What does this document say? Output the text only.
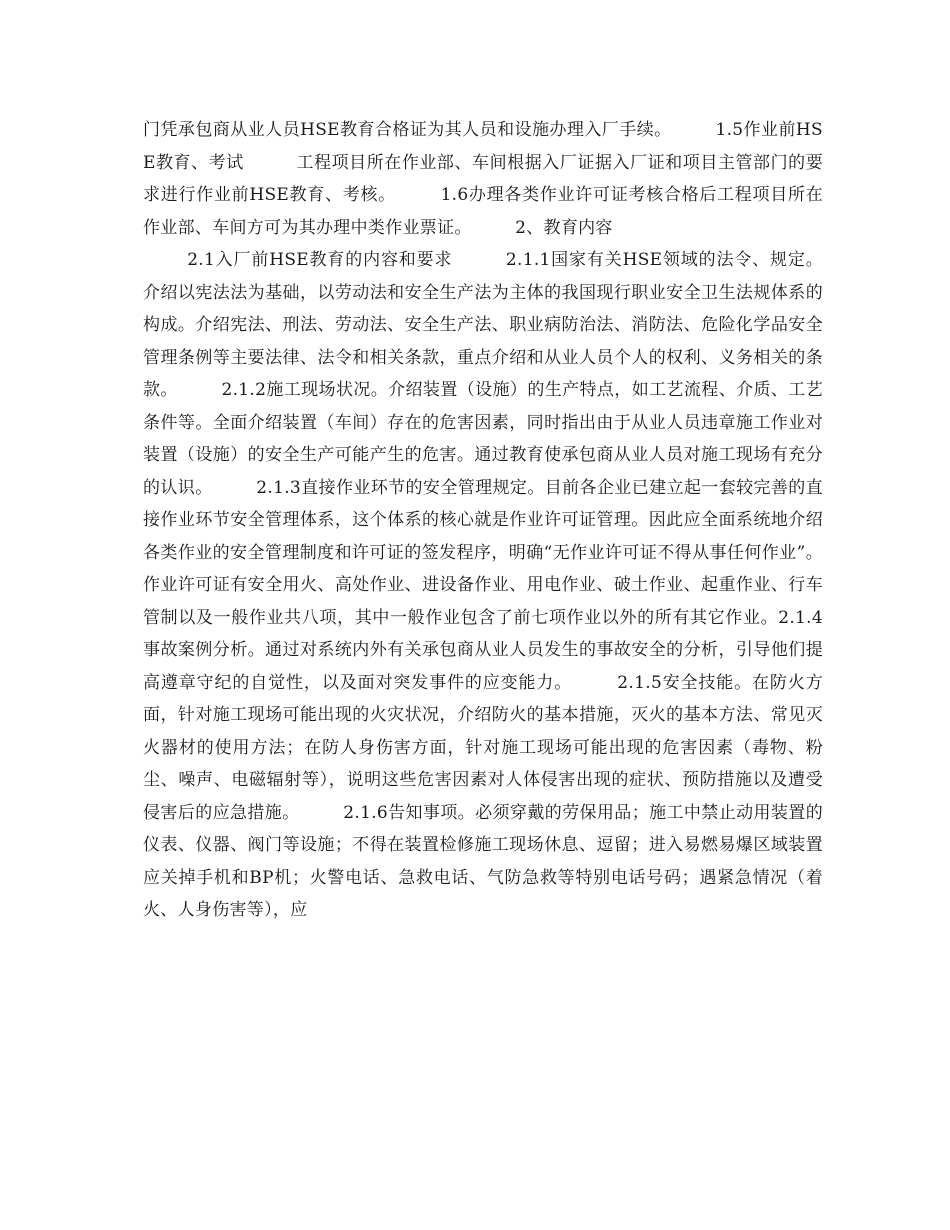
门凭承包商从业人员HSE教育合格证为其人员和设施办理入厂手续。　　　1.5作业前HSE教育、考试　　　工程项目所在作业部、车间根据入厂证据入厂证和项目主管部门的要求进行作业前HSE教育、考核。　　　1.6办理各类作业许可证考核合格后工程项目所在作业部、车间方可为其办理中类作业票证。　　　2、教育内容

2.1入厂前HSE教育的内容和要求　　　2.1.1国家有关HSE领域的法令、规定。介绍以宪法法为基础，以劳动法和安全生产法为主体的我国现行职业安全卫生法规体系的构成。介绍宪法、刑法、劳动法、安全生产法、职业病防治法、消防法、危险化学品安全管理条例等主要法律、法令和相关条款，重点介绍和从业人员个人的权利、义务相关的条款。　　　2.1.2施工现场状况。介绍装置（设施）的生产特点，如工艺流程、介质、工艺条件等。全面介绍装置（车间）存在的危害因素，同时指出由于从业人员违章施工作业对装置（设施）的安全生产可能产生的危害。通过教育使承包商从业人员对施工现场有充分的认识。　　　2.1.3直接作业环节的安全管理规定。目前各企业已建立起一套较完善的直接作业环节安全管理体系，这个体系的核心就是作业许可证管理。因此应全面系统地介绍各类作业的安全管理制度和许可证的签发程序，明确“无作业许可证不得从事任何作业”。作业许可证有安全用火、高处作业、进设备作业、用电作业、破土作业、起重作业、行车管制以及一般作业共八项，其中一般作业包含了前七项作业以外的所有其它作业。2.1.4事故案例分析。通过对系统内外有关承包商从业人员发生的事故安全的分析，引导他们提高遵章守纪的自觉性，以及面对突发事件的应变能力。　　　2.1.5安全技能。在防火方面，针对施工现场可能出现的火灾状况，介绍防火的基本措施，灭火的基本方法、常见灭火器材的使用方法；在防人身伤害方面，针对施工现场可能出现的危害因素（毒物、粉尘、噪声、电磁辐射等），说明这些危害因素对人体侵害出现的症状、预防措施以及遭受侵害后的应急措施。　　　2.1.6告知事项。必须穿戴的劳保用品；施工中禁止动用装置的仪表、仪器、阀门等设施；不得在装置检修施工现场休息、逗留；进入易燃易爆区域装置应关掉手机和BP机；火警电话、急救电话、气防急救等特别电话号码；遇紧急情况（着火、人身伤害等），应
